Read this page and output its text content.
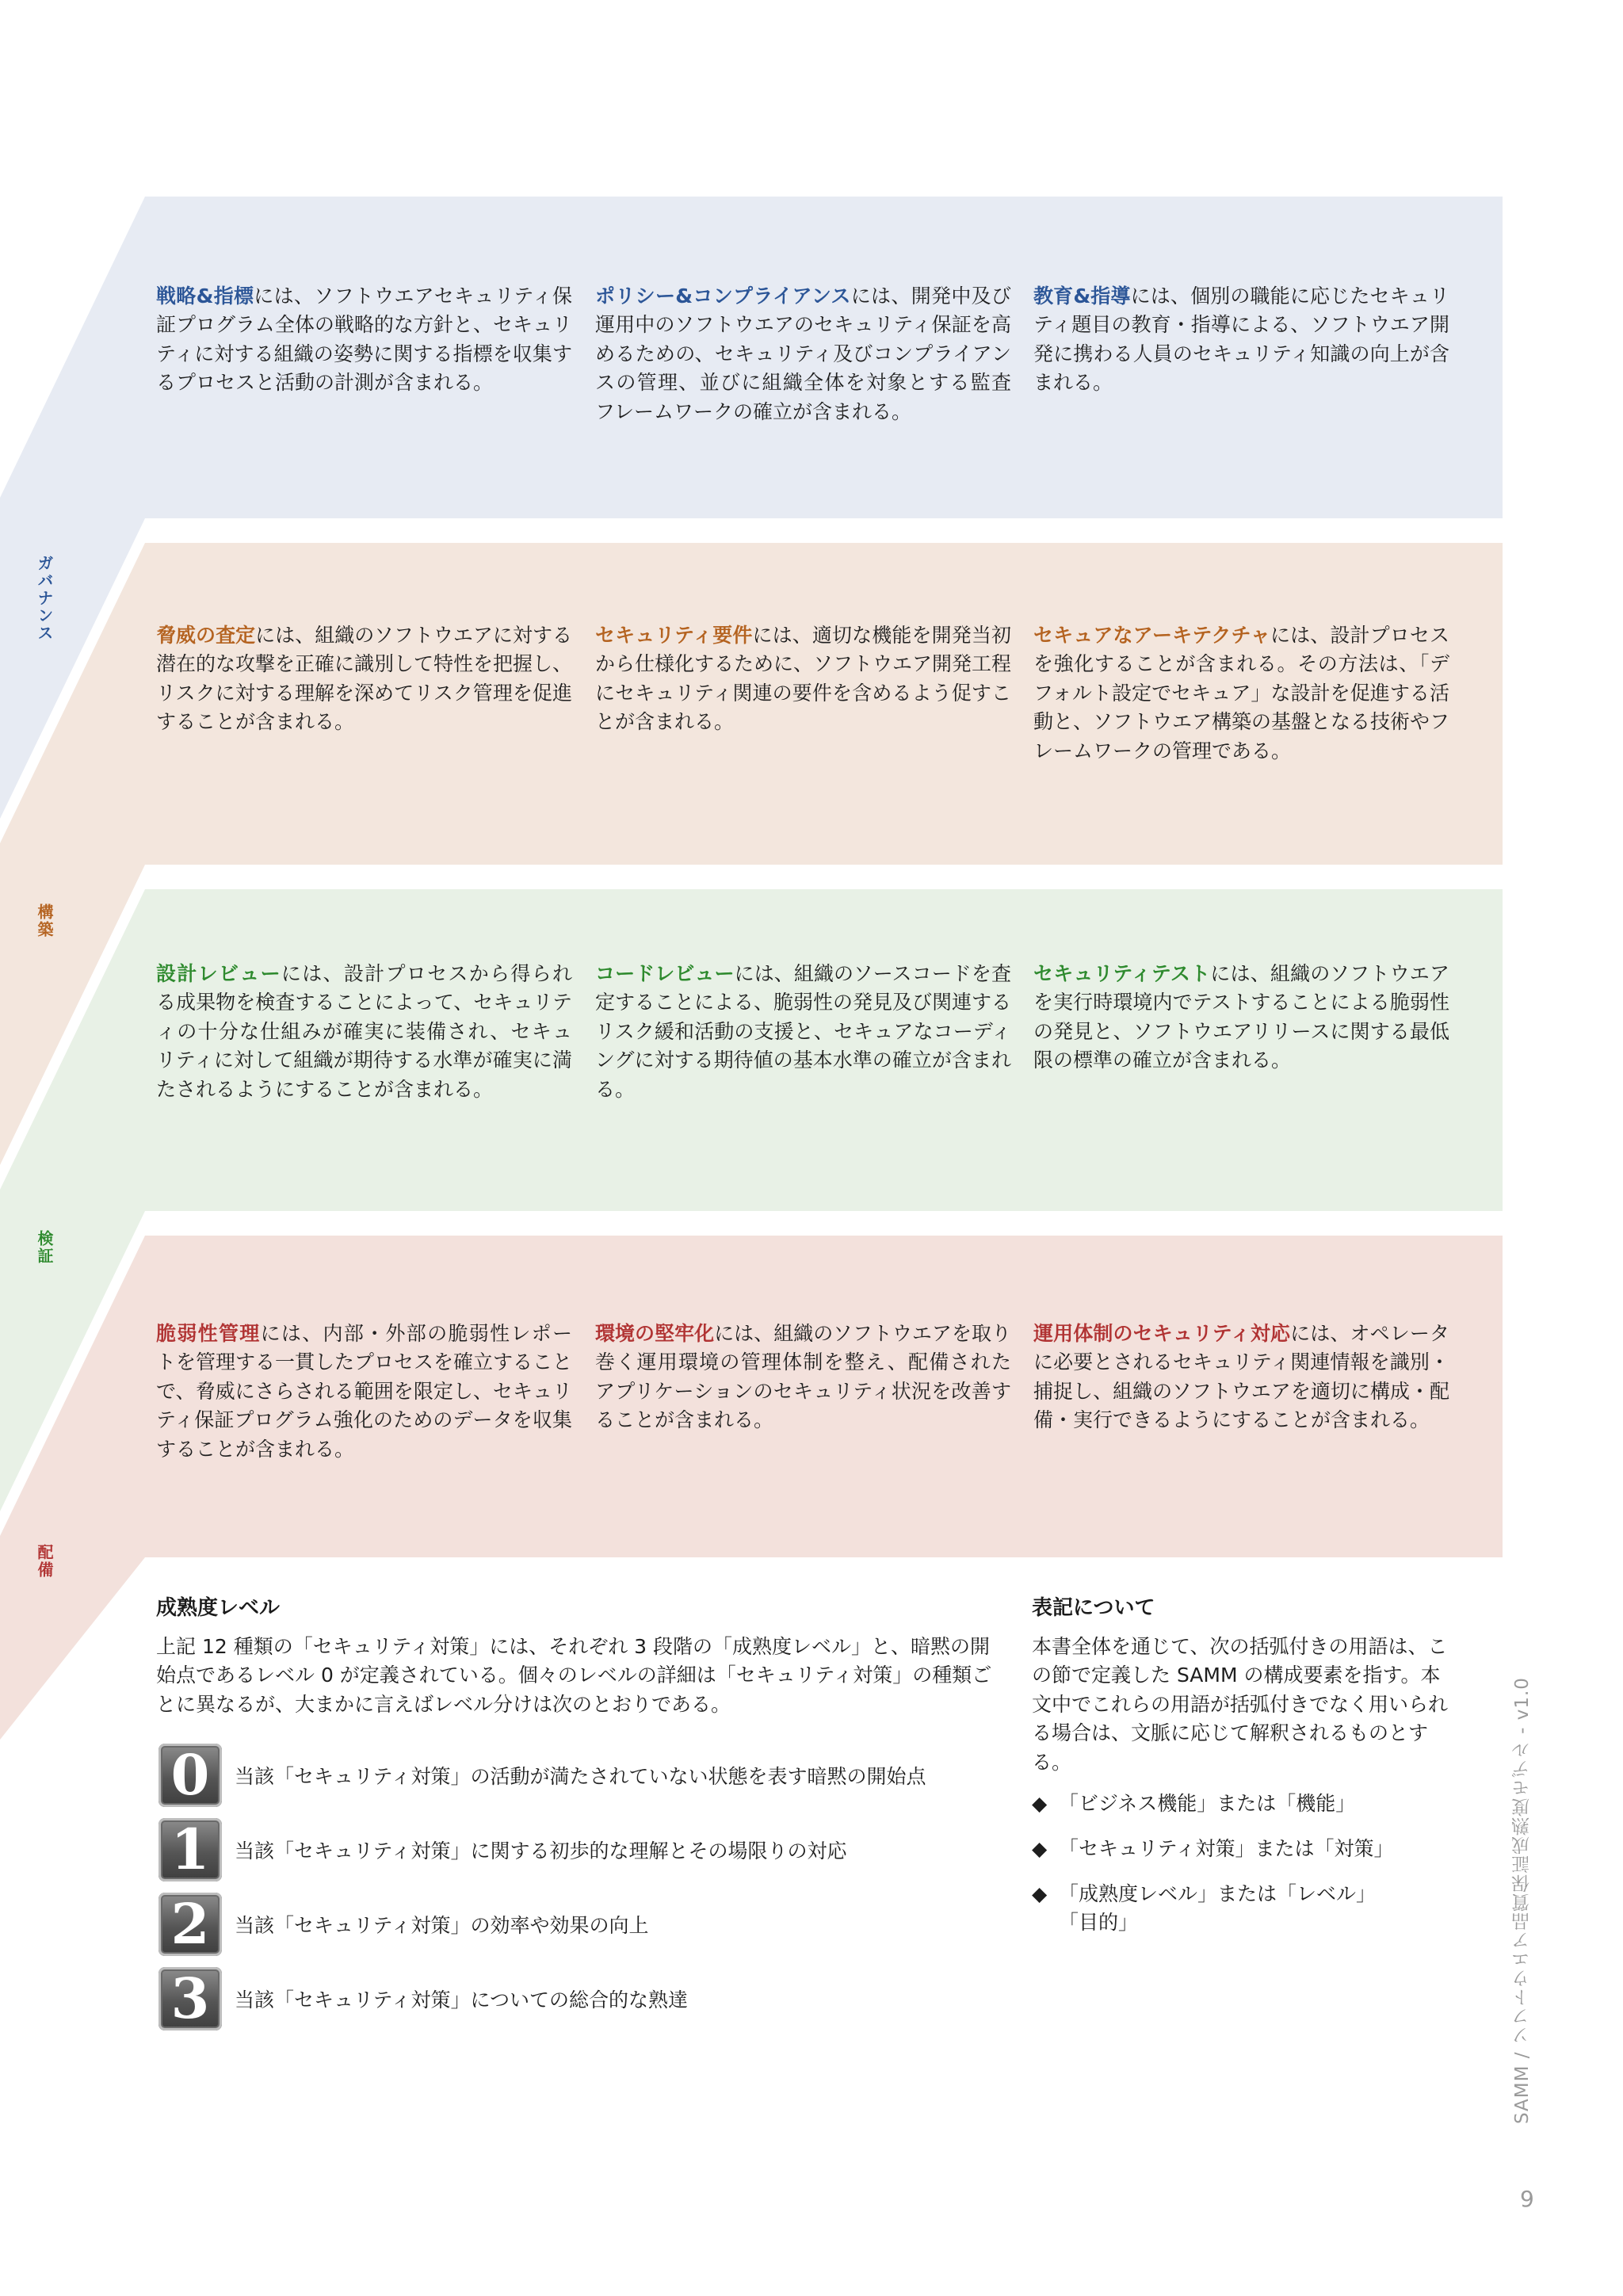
ガバナンス
構築
検証
配備
戦略&指標には、ソフトウエアセキュリティ保証プログラム全体の戦略的な方針と、セキュリティに対する組織の姿勢に関する指標を収集するプロセスと活動の計測が含まれる。
ポリシー&コンプライアンスには、開発中及び運用中のソフトウエアのセキュリティ保証を高めるための、セキュリティ及びコンプライアンスの管理、並びに組織全体を対象とする監査フレームワークの確立が含まれる。
教育&指導には、個別の職能に応じたセキュリティ題目の教育・指導による、ソフトウエア開発に携わる人員のセキュリティ知識の向上が含まれる。
脅威の査定には、組織のソフトウエアに対する潜在的な攻撃を正確に識別して特性を把握し、リスクに対する理解を深めてリスク管理を促進することが含まれる。
セキュリティ要件には、適切な機能を開発当初から仕様化するために、ソフトウエア開発工程にセキュリティ関連の要件を含めるよう促すことが含まれる。
セキュアなアーキテクチャには、設計プロセスを強化することが含まれる。その方法は、「デフォルト設定でセキュア」な設計を促進する活動と、ソフトウエア構築の基盤となる技術やフレームワークの管理である。
設計レビューには、設計プロセスから得られる成果物を検査することによって、セキュリティの十分な仕組みが確実に装備され、セキュリティに対して組織が期待する水準が確実に満たされるようにすることが含まれる。
コードレビューには、組織のソースコードを査定することによる、脆弱性の発見及び関連するリスク緩和活動の支援と、セキュアなコーディングに対する期待値の基本水準の確立が含まれる。
セキュリティテストには、組織のソフトウエアを実行時環境内でテストすることによる脆弱性の発見と、ソフトウエアリリースに関する最低限の標準の確立が含まれる。
脆弱性管理には、内部・外部の脆弱性レポートを管理する一貫したプロセスを確立することで、脅威にさらされる範囲を限定し、セキュリティ保証プログラム強化のためのデータを収集することが含まれる。
環境の堅牢化には、組織のソフトウエアを取り巻く運用環境の管理体制を整え、配備されたアプリケーションのセキュリティ状況を改善することが含まれる。
運用体制のセキュリティ対応には、オペレータに必要とされるセキュリティ関連情報を識別・捕捉し、組織のソフトウエアを適切に構成・配備・実行できるようにすることが含まれる。
成熟度レベル
上記 12 種類の「セキュリティ対策」には、それぞれ 3 段階の「成熟度レベル」と、暗黙の開始点であるレベル 0 が定義されている。個々のレベルの詳細は「セキュリティ対策」の種類ごとに異なるが、大まかに言えばレベル分けは次のとおりである。
0	当該「セキュリティ対策」の活動が満たされていない状態を表す暗黙の開始点
1	当該「セキュリティ対策」に関する初歩的な理解とその場限りの対応
2	当該「セキュリティ対策」の効率や効果の向上
3	当該「セキュリティ対策」についての総合的な熟達
表記について
本書全体を通じて、次の括弧付きの用語は、この節で定義した SAMM の構成要素を指す。本文中でこれらの用語が括弧付きでなく用いられる場合は、文脈に応じて解釈されるものとする。
◆ 「ビジネス機能」または「機能」
◆ 「セキュリティ対策」または「対策」
◆ 「成熟度レベル」または「レベル」
「目的」	SAMM / ソフトウエア品質保証成熟度モデル - v1.0
9
